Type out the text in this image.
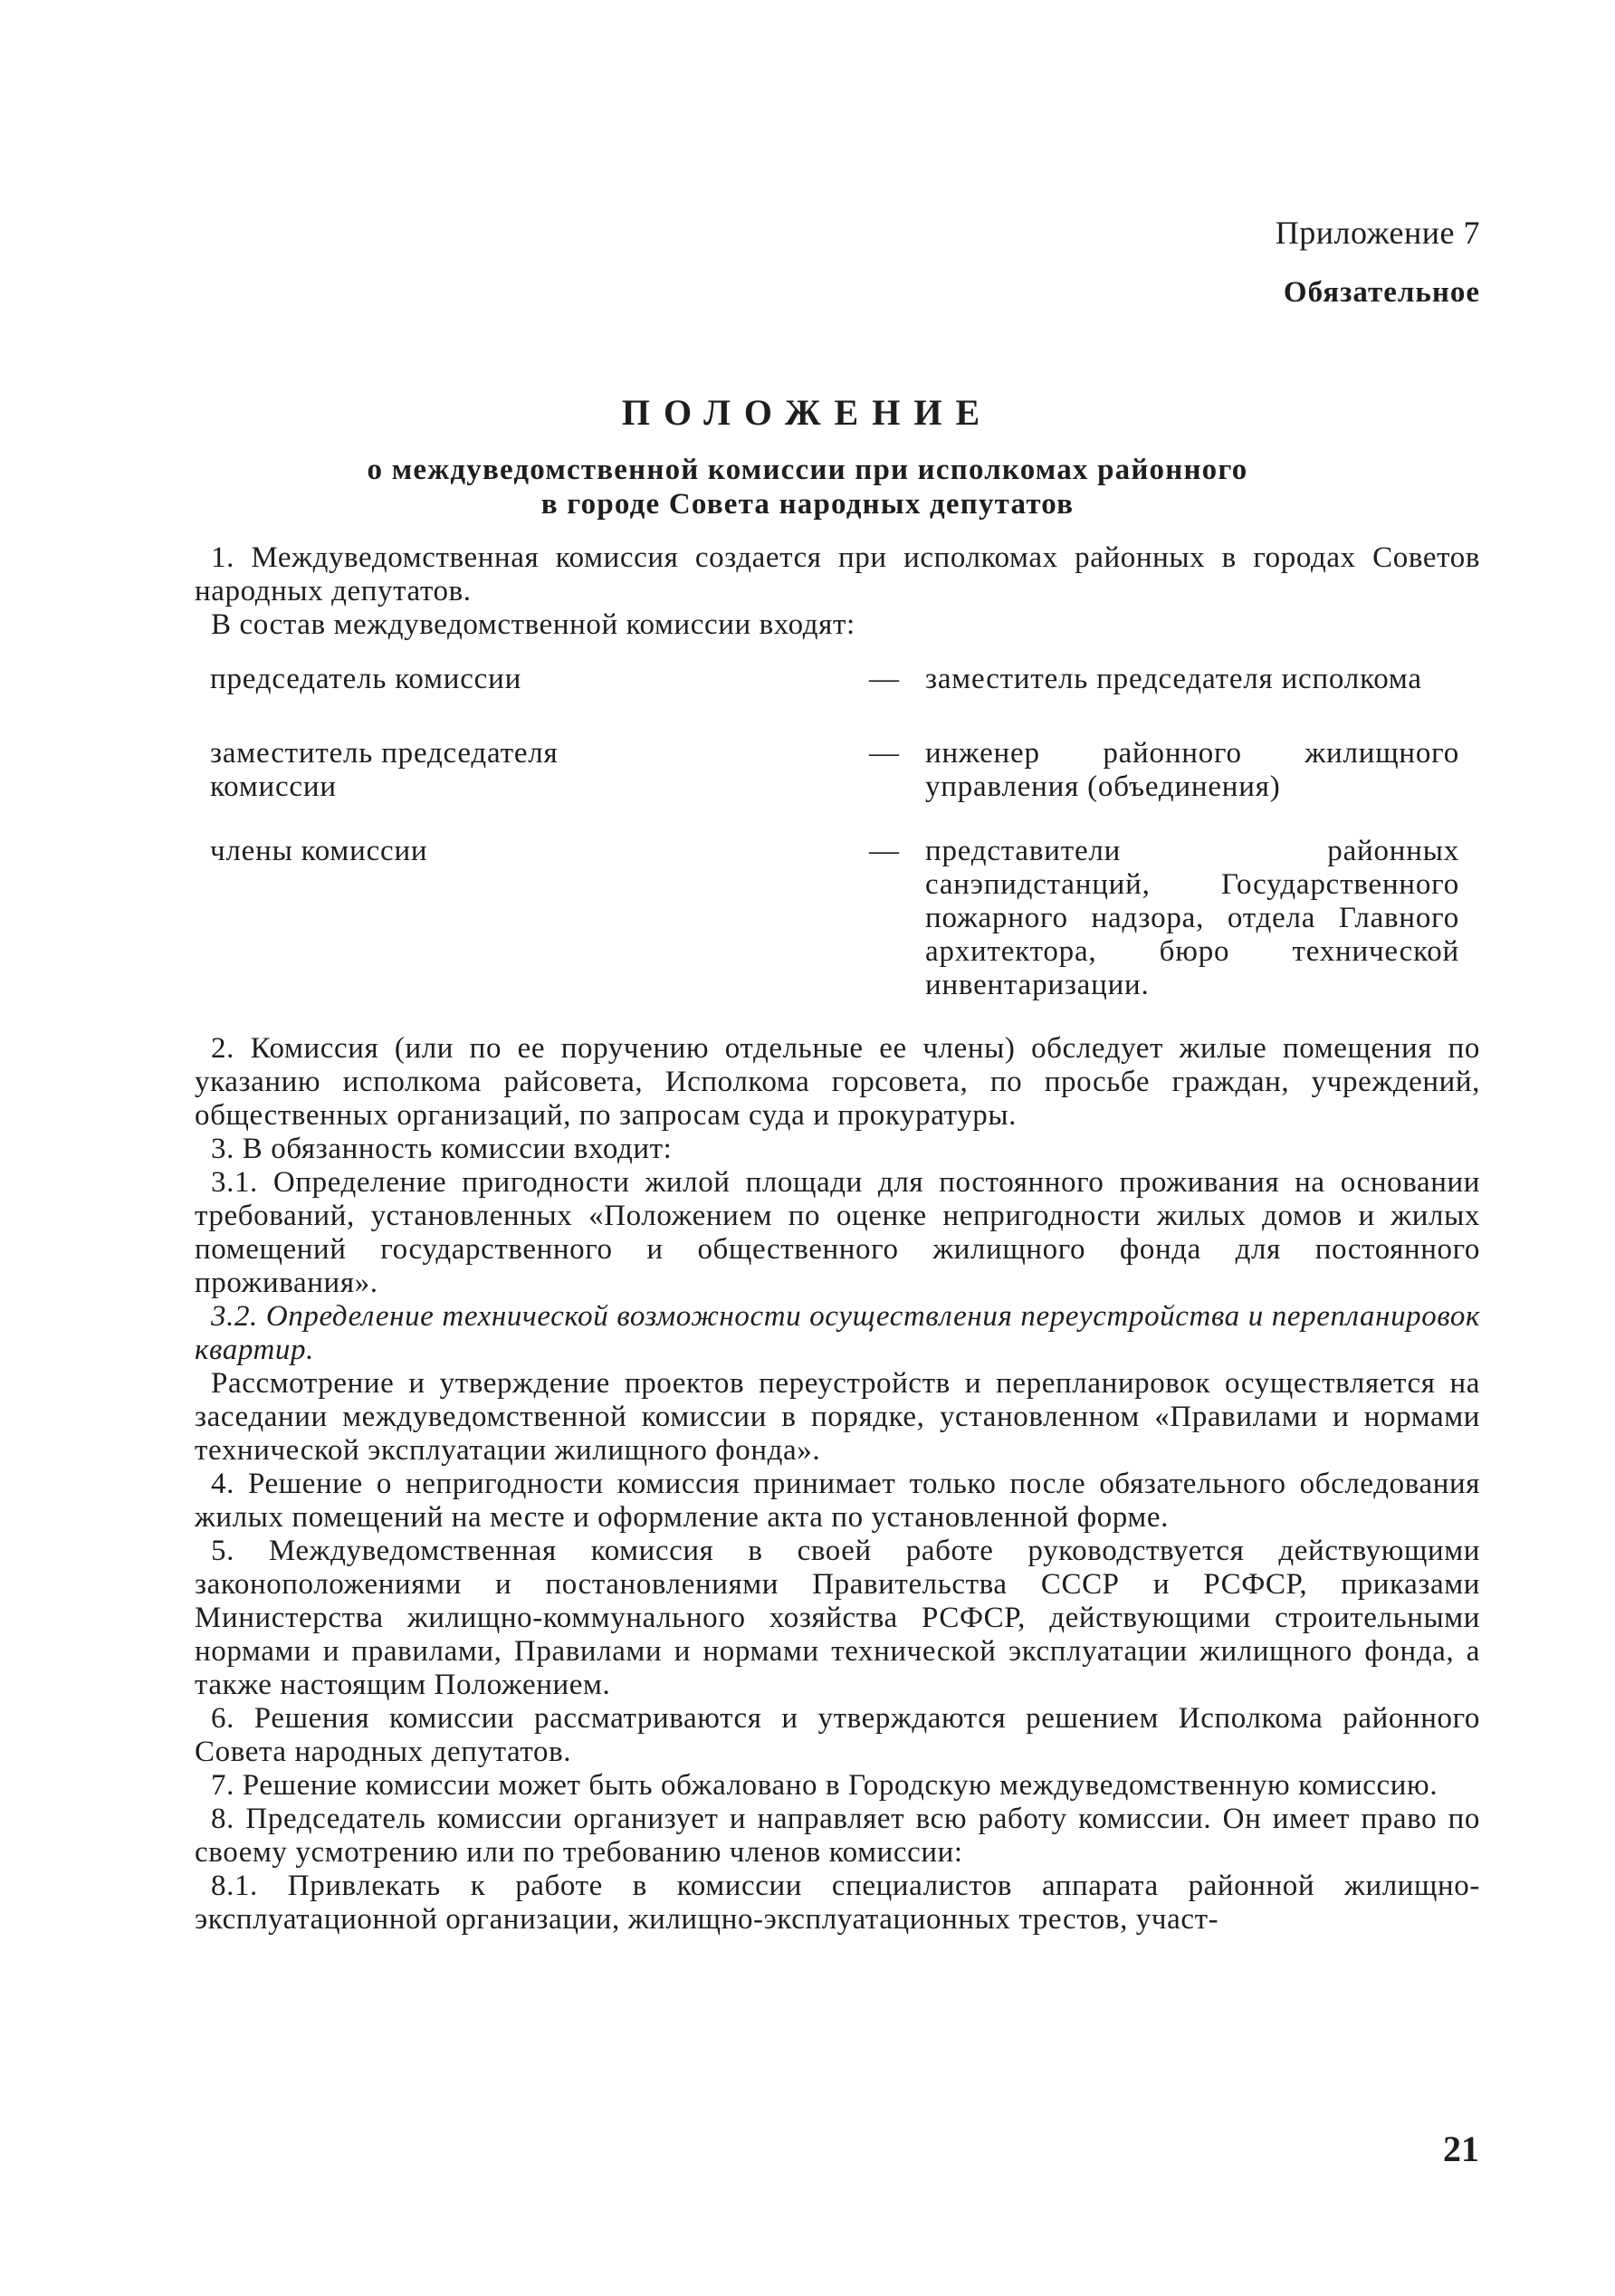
Приложение 7
Обязательное
ПОЛОЖЕНИЕ
о междуведомственной комиссии при исполкомах районного
в городе Совета народных депутатов

1. Междуведомственная комиссия создается при исполкомах районных в городах Советов народных депутатов.

В состав междуведомственной комиссии входят:

председатель комиссии	— заместитель председателя исполкома
заместитель председателя комиссии
— инженер районного жилищного управления (объединения)
члены комиссии	— представители районных санэпидстанций, Государственного пожарного надзора, отдела Главного архитектора, бюро технической инвентаризации.

2. Комиссия (или по ее поручению отдельные ее члены) обследует жилые помещения по указанию исполкома райсовета, Исполкома горсовета, по просьбе граждан, учреждений, общественных организаций, по запросам суда и прокуратуры.

3. В обязанность комиссии входит:

3.1. Определение пригодности жилой площади для постоянного проживания на основании требований, установленных «Положением по оценке непригодности жилых домов и жилых помещений государственного и общественного жилищного фонда для постоянного проживания».

3.2. Определение технической возможности осуществления переустройства и перепланировок квартир.

Рассмотрение и утверждение проектов переустройств и перепланировок осуществляется на заседании междуведомственной комиссии в порядке, установленном «Правилами и нормами технической эксплуатации жилищного фонда».

4. Решение о непригодности комиссия принимает только после обязательного обследования жилых помещений на месте и оформление акта по установленной форме.

5. Междуведомственная комиссия в своей работе руководствуется действующими законоположениями и постановлениями Правительства СССР и РСФСР, приказами Министерства жилищно-коммунального хозяйства РСФСР, действующими строительными нормами и правилами, Правилами и нормами технической эксплуатации жилищного фонда, а также настоящим Положением.

6. Решения комиссии рассматриваются и утверждаются решением Исполкома районного Совета народных депутатов.

7. Решение комиссии может быть обжаловано в Городскую междуведомственную комиссию.

8. Председатель комиссии организует и направляет всю работу комиссии. Он имеет право по своему усмотрению или по требованию членов комиссии:

8.1. Привлекать к работе в комиссии специалистов аппарата районной жилищно-эксплуатационной организации, жилищно-эксплуатационных трестов, участ-

21
